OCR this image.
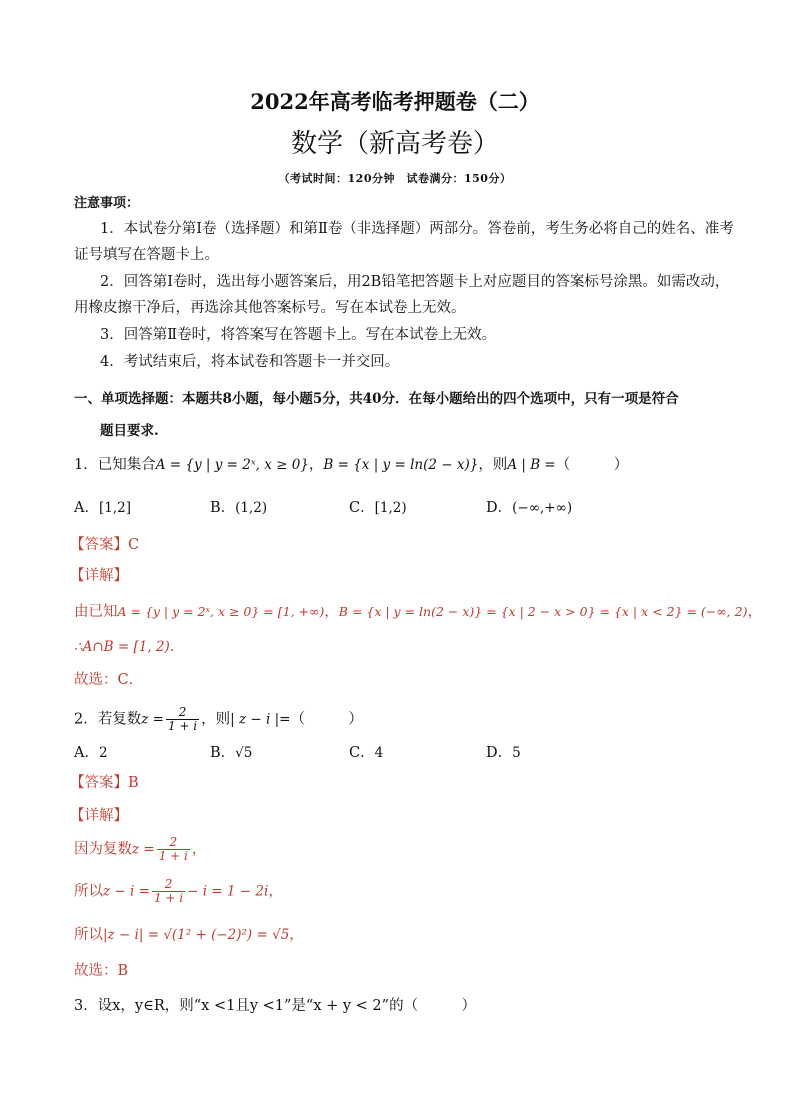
2022年高考临考押题卷（二）
数学（新高考卷）
（考试时间：120分钟　试卷满分：150分）
注意事项：
1．本试卷分第Ⅰ卷（选择题）和第Ⅱ卷（非选择题）两部分。答卷前，考生务必将自己的姓名、准考
证号填写在答题卡上。
2．回答第Ⅰ卷时，选出每小题答案后，用2B铅笔把答题卡上对应题目的答案标号涂黑。如需改动，
用橡皮擦干净后，再选涂其他答案标号。写在本试卷上无效。
3．回答第Ⅱ卷时，将答案写在答题卡上。写在本试卷上无效。
4．考试结束后，将本试卷和答题卡一并交回。
一、单项选择题：本题共8小题，每小题5分，共40分．在每小题给出的四个选项中，只有一项是符合
题目要求.
1．已知集合A = {y | y = 2ˣ, x ≥ 0}，B = {x | y = ln(2 − x)}，则A | B =（　　　）
A．[1,2]	B．(1,2)	C．[1,2)	D．(−∞,+∞)
【答案】C
【详解】
由已知A = {y | y = 2ˣ, x ≥ 0} = [1, +∞)，B = {x | y = ln(2 − x)} = {x | 2 − x > 0} = {x | x < 2} = (−∞, 2)，
∴A∩B = [1, 2)．
故选：C．
2．若复数$z = \frac{2}{1 + i}$ ，则| z − i |=（　　　）
A．2	B．√5	C．4	D．5
【答案】B
【详解】
因为复数$z = \frac{2}{1 + i}$ ，
所以$z - i = \frac{2}{1 + i} - i = 1 - 2i$，
所以|z − i| = √(1² + (−2)²) = √5，
故选：B
3．设x，y∈R，则“x <1且y <1”是“x + y < 2”的（　　　）
